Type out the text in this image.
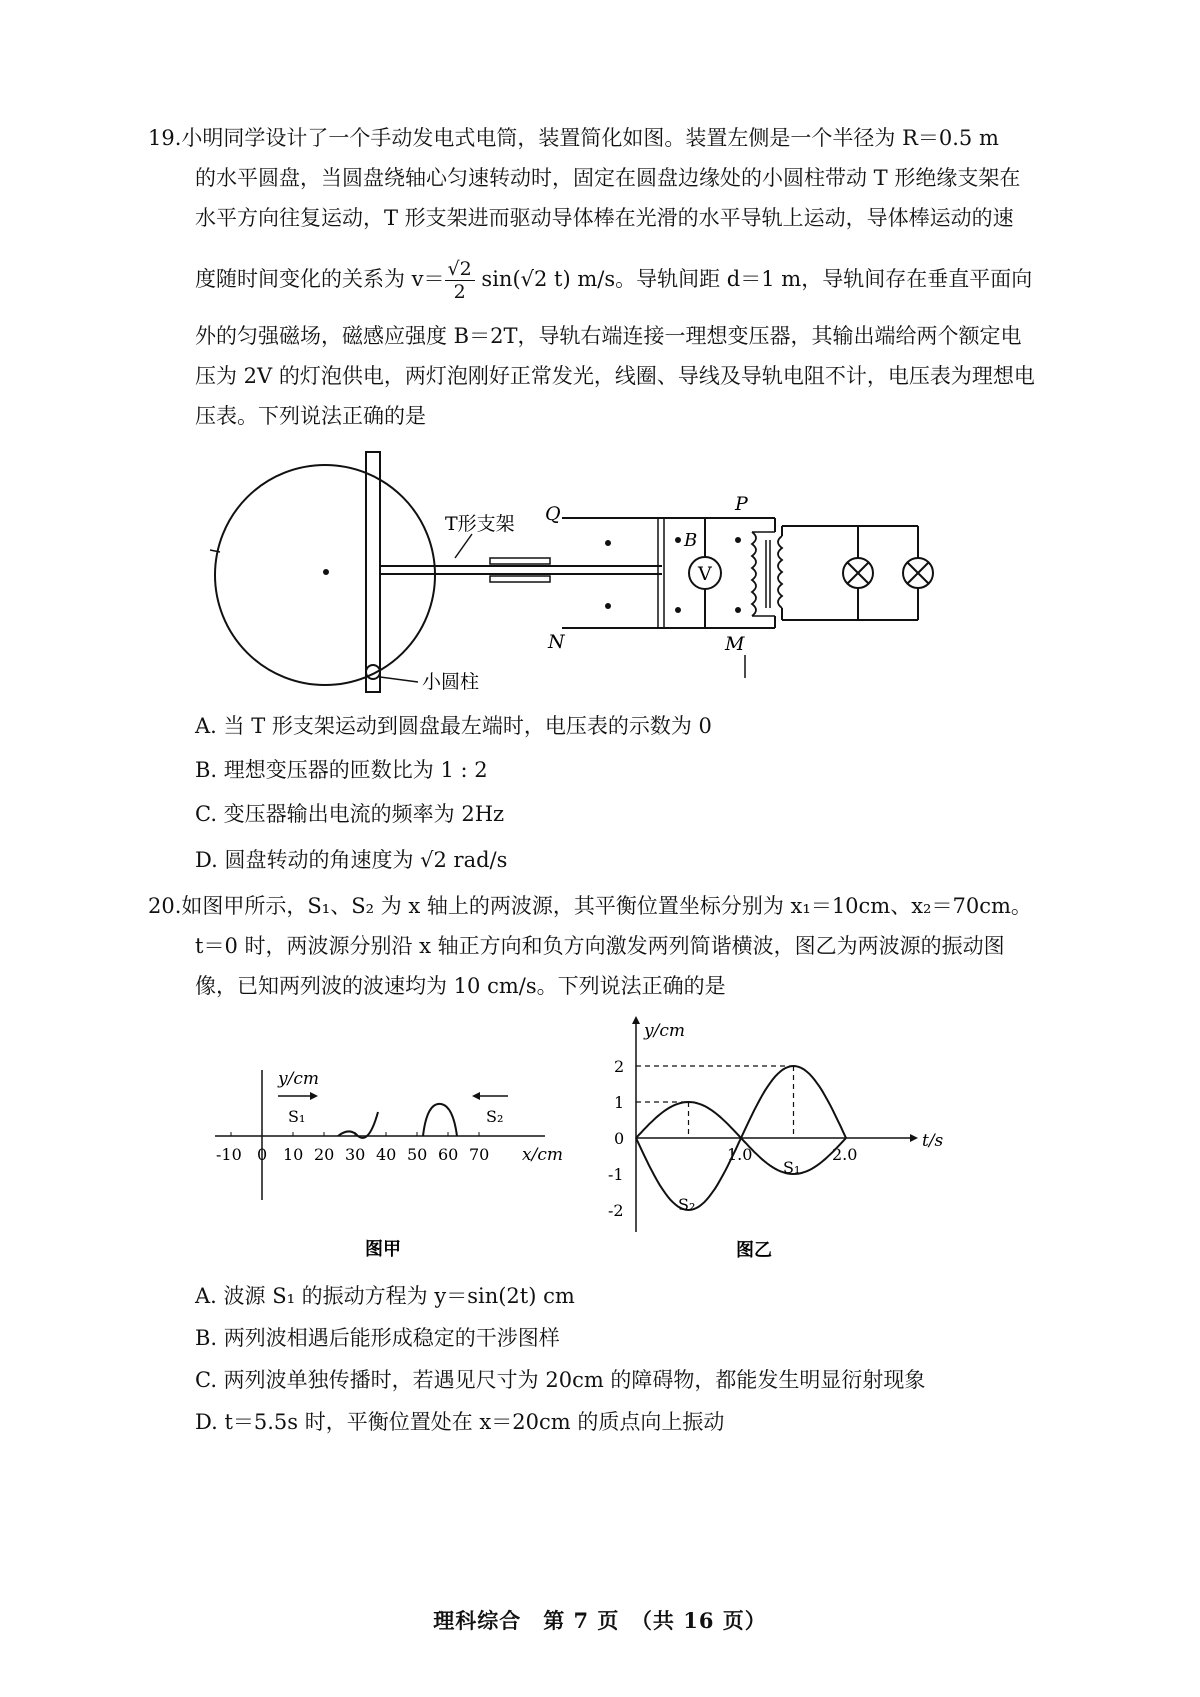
19.小明同学设计了一个手动发电式电筒，装置简化如图。装置左侧是一个半径为 R＝0.5 m
的水平圆盘，当圆盘绕轴心匀速转动时，固定在圆盘边缘处的小圆柱带动 T 形绝缘支架在
水平方向往复运动，T 形支架进而驱动导体棒在光滑的水平导轨上运动，导体棒运动的速
度随时间变化的关系为 $v= \frac{√2}{2} \sin(√2$ t) m/s。导轨间距 d＝1 m，导轨间存在垂直平面向
外的匀强磁场，磁感应强度 B＝2T，导轨右端连接一理想变压器，其输出端给两个额定电
压为 2V 的灯泡供电，两灯泡刚好正常发光，线圈、导线及导轨电阻不计，电压表为理想电
压表。下列说法正确的是
小圆柱
T形支架 Q
N
B
V
P
M
A. 当 T 形支架运动到圆盘最左端时，电压表的示数为 0
B. 理想变压器的匝数比为 1 : 2
C. 变压器输出电流的频率为 2Hz
D. 圆盘转动的角速度为 √2 rad/s
20.如图甲所示，S₁、S₂ 为 x 轴上的两波源，其平衡位置坐标分别为 x₁＝10cm、x₂＝70cm。
t＝0 时，两波源分别沿 x 轴正方向和负方向激发两列简谐横波，图乙为两波源的振动图
像，已知两列波的波速均为 10 cm/s。下列说法正确的是
y/cm
x/cm
-10 0 10 20 30 40 50 60 70
S₁	S₂
图甲
y/cm
t/s
2
1
0
-1
-2
1.0	2.0
S₁
S₂
图乙
A. 波源 S₁ 的振动方程为 y＝sin(2t) cm
B. 两列波相遇后能形成稳定的干涉图样
C. 两列波单独传播时，若遇见尺寸为 20cm 的障碍物，都能发生明显衍射现象
D. t＝5.5s 时，平衡位置处在 x＝20cm 的质点向上振动
理科综合　第 7 页　（共 16 页）
